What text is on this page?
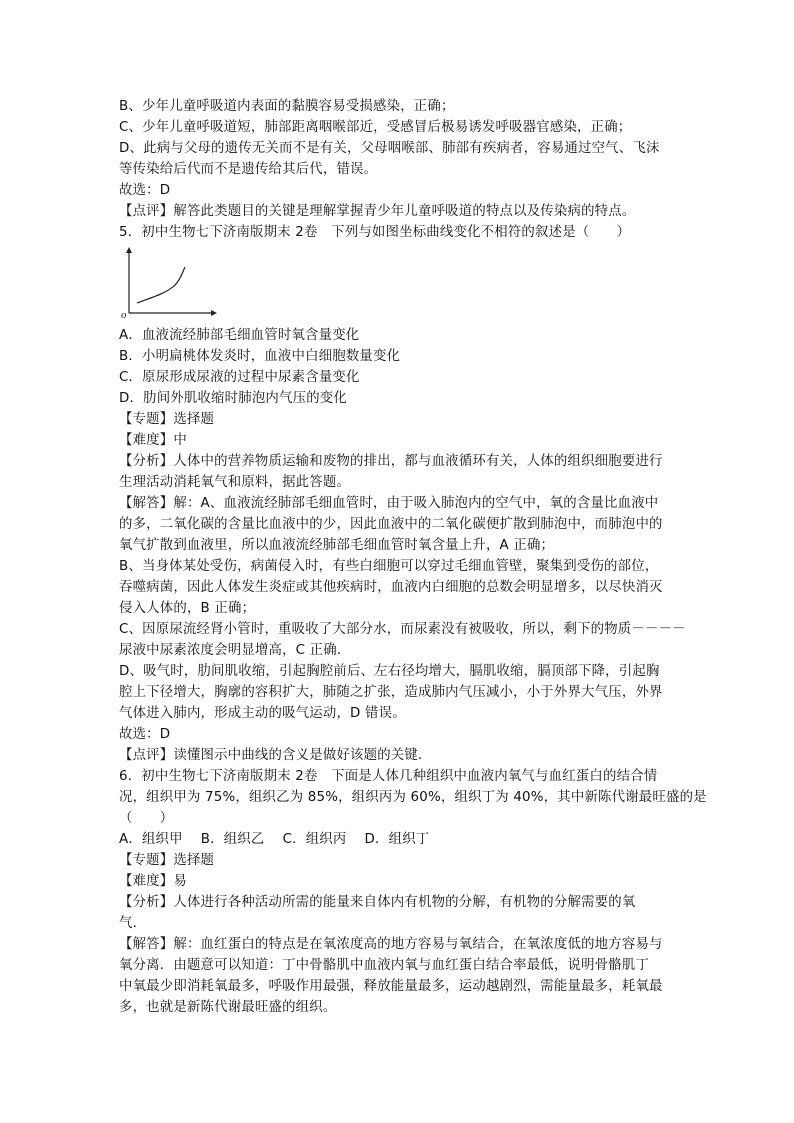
B、少年儿童呼吸道内表面的黏膜容易受损感染，正确；
C、少年儿童呼吸道短，肺部距离咽喉部近，受感冒后极易诱发呼吸器官感染，正确；
D、此病与父母的遗传无关而不是有关，父母咽喉部、肺部有疾病者，容易通过空气、飞沫
等传染给后代而不是遗传给其后代，错误。
故选：D
【点评】解答此类题目的关键是理解掌握青少年儿童呼吸道的特点以及传染病的特点。
5．初中生物七下济南版期末 2卷　下列与如图坐标曲线变化不相符的叙述是（　　）
o
A．血液流经肺部毛细血管时氧含量变化
B．小明扁桃体发炎时，血液中白细胞数量变化
C．原尿形成尿液的过程中尿素含量变化
D．肋间外肌收缩时肺泡内气压的变化
【专题】选择题
【难度】中
【分析】人体中的营养物质运输和废物的排出，都与血液循环有关，人体的组织细胞要进行
生理活动消耗氧气和原料，据此答题。
【解答】解：A、血液流经肺部毛细血管时，由于吸入肺泡内的空气中，氧的含量比血液中
的多，二氧化碳的含量比血液中的少，因此血液中的二氧化碳便扩散到肺泡中，而肺泡中的
氧气扩散到血液里，所以血液流经肺部毛细血管时氧含量上升，A 正确；
B、当身体某处受伤，病菌侵入时，有些白细胞可以穿过毛细血管壁，聚集到受伤的部位，
吞噬病菌，因此人体发生炎症或其他疾病时，血液内白细胞的总数会明显增多，以尽快消灭
侵入人体的，B 正确；
C、因原尿流经肾小管时，重吸收了大部分水，而尿素没有被吸收，所以，剩下的物质－－－－
尿液中尿素浓度会明显增高，C 正确．
D、吸气时，肋间肌收缩，引起胸腔前后、左右径均增大，膈肌收缩，膈顶部下降，引起胸
腔上下径增大，胸廓的容积扩大，肺随之扩张，造成肺内气压减小，小于外界大气压，外界
气体进入肺内，形成主动的吸气运动，D 错误。
故选：D
【点评】读懂图示中曲线的含义是做好该题的关键．
6．初中生物七下济南版期末 2卷　下面是人体几种组织中血液内氧气与血红蛋白的结合情
况，组织甲为 75%，组织乙为 85%，组织丙为 60%，组织丁为 40%，其中新陈代谢最旺盛的是
（　　）
A．组织甲　 B．组织乙　 C．组织丙　 D．组织丁
【专题】选择题
【难度】易
【分析】人体进行各种活动所需的能量来自体内有机物的分解，有机物的分解需要的氧
气．
【解答】解：血红蛋白的特点是在氧浓度高的地方容易与氧结合，在氧浓度低的地方容易与
氧分离．由题意可以知道：丁中骨骼肌中血液内氧与血红蛋白结合率最低，说明骨骼肌丁
中氧最少即消耗氧最多，呼吸作用最强，释放能量最多，运动越剧烈，需能量最多，耗氧最
多，也就是新陈代谢最旺盛的组织。
